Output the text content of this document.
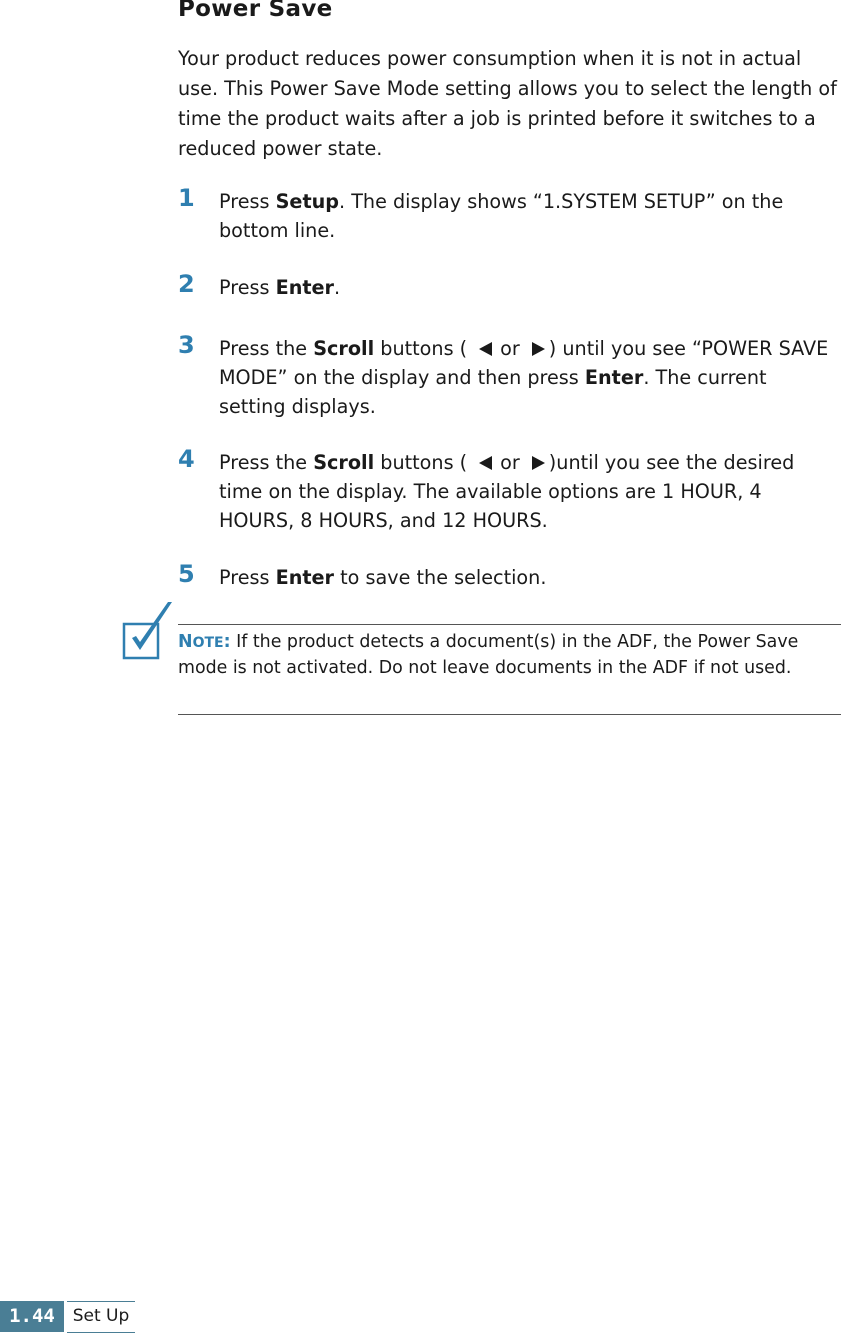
Power Save
Your product reduces power consumption when it is not in actual use. This Power Save Mode setting allows you to select the length of time the product waits after a job is printed before it switches to a reduced power state.
1 Press Setup. The display shows “1.SYSTEM SETUP” on the bottom line.
2 Press Enter.
3 Press the Scroll buttons ( or ) until you see “POWER SAVE MODE” on the display and then press Enter. The current setting displays.
4 Press the Scroll buttons ( or )until you see the desired time on the display. The available options are 1 HOUR, 4 HOURS, 8 HOURS, and 12 HOURS.
5 Press Enter to save the selection.
NOTE: If the product detects a document(s) in the ADF, the Power Save mode is not activated. Do not leave documents in the ADF if not used.
1.44	Set Up
